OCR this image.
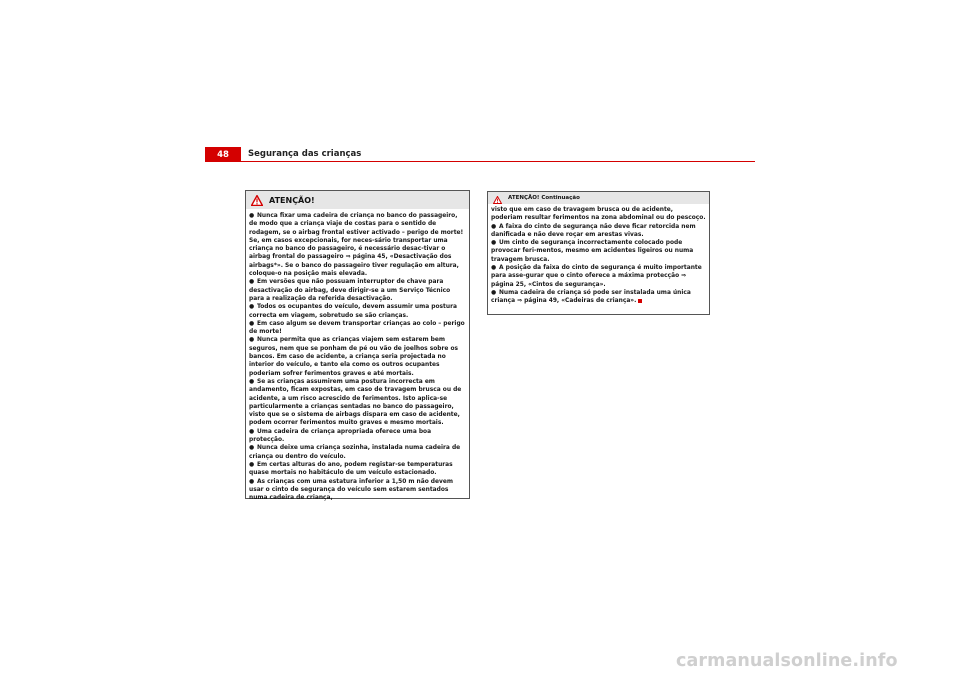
48	Segurança das crianças
ATENÇÃO!

● Nunca fixar uma cadeira de criança no banco do passageiro, de modo que a criança viaje de costas para o sentido de rodagem, se o airbag frontal estiver activado – perigo de morte! Se, em casos excepcionais, for neces-sário transportar uma criança no banco do passageiro, é necessário desac-tivar o airbag frontal do passageiro ⇒ página 45, «Desactivação dos airbags*». Se o banco do passageiro tiver regulação em altura, coloque-o na posição mais elevada.

● Em versões que não possuam interruptor de chave para desactivação do airbag, deve dirigir-se a um Serviço Técnico para a realização da referida desactivação.

● Todos os ocupantes do veículo, devem assumir uma postura correcta em viagem, sobretudo se são crianças.

● Em caso algum se devem transportar crianças ao colo – perigo de morte!

● Nunca permita que as crianças viajem sem estarem bem seguros, nem que se ponham de pé ou vão de joelhos sobre os bancos. Em caso de acidente, a criança seria projectada no interior do veículo, e tanto ela como os outros ocupantes poderiam sofrer ferimentos graves e até mortais.

● Se as crianças assumirem uma postura incorrecta em andamento, ficam expostas, em caso de travagem brusca ou de acidente, a um risco acrescido de ferimentos. Isto aplica-se particularmente a crianças sentadas no banco do passageiro, visto que se o sistema de airbags dispara em caso de acidente, podem ocorrer ferimentos muito graves e mesmo mortais.

● Uma cadeira de criança apropriada oferece uma boa protecção.

● Nunca deixe uma criança sozinha, instalada numa cadeira de criança ou dentro do veículo.

● Em certas alturas do ano, podem registar-se temperaturas quase mortais no habitáculo de um veículo estacionado.

● As crianças com uma estatura inferior a 1,50 m não devem usar o cinto de segurança do veículo sem estarem sentados numa cadeira de criança,

ATENÇÃO! Continuação

visto que em caso de travagem brusca ou de acidente, poderiam resultar ferimentos na zona abdominal ou do pescoço.

● A faixa do cinto de segurança não deve ficar retorcida nem danificada e não deve roçar em arestas vivas.

● Um cinto de segurança incorrectamente colocado pode provocar feri-mentos, mesmo em acidentes ligeiros ou numa travagem brusca.

● A posição da faixa do cinto de segurança é muito importante para asse-gurar que o cinto oferece a máxima protecção ⇒ página 25, «Cintos de segurança».

● Numa cadeira de criança só pode ser instalada uma única criança ⇒ página 49, «Cadeiras de criança».

carmanualsonline.info
